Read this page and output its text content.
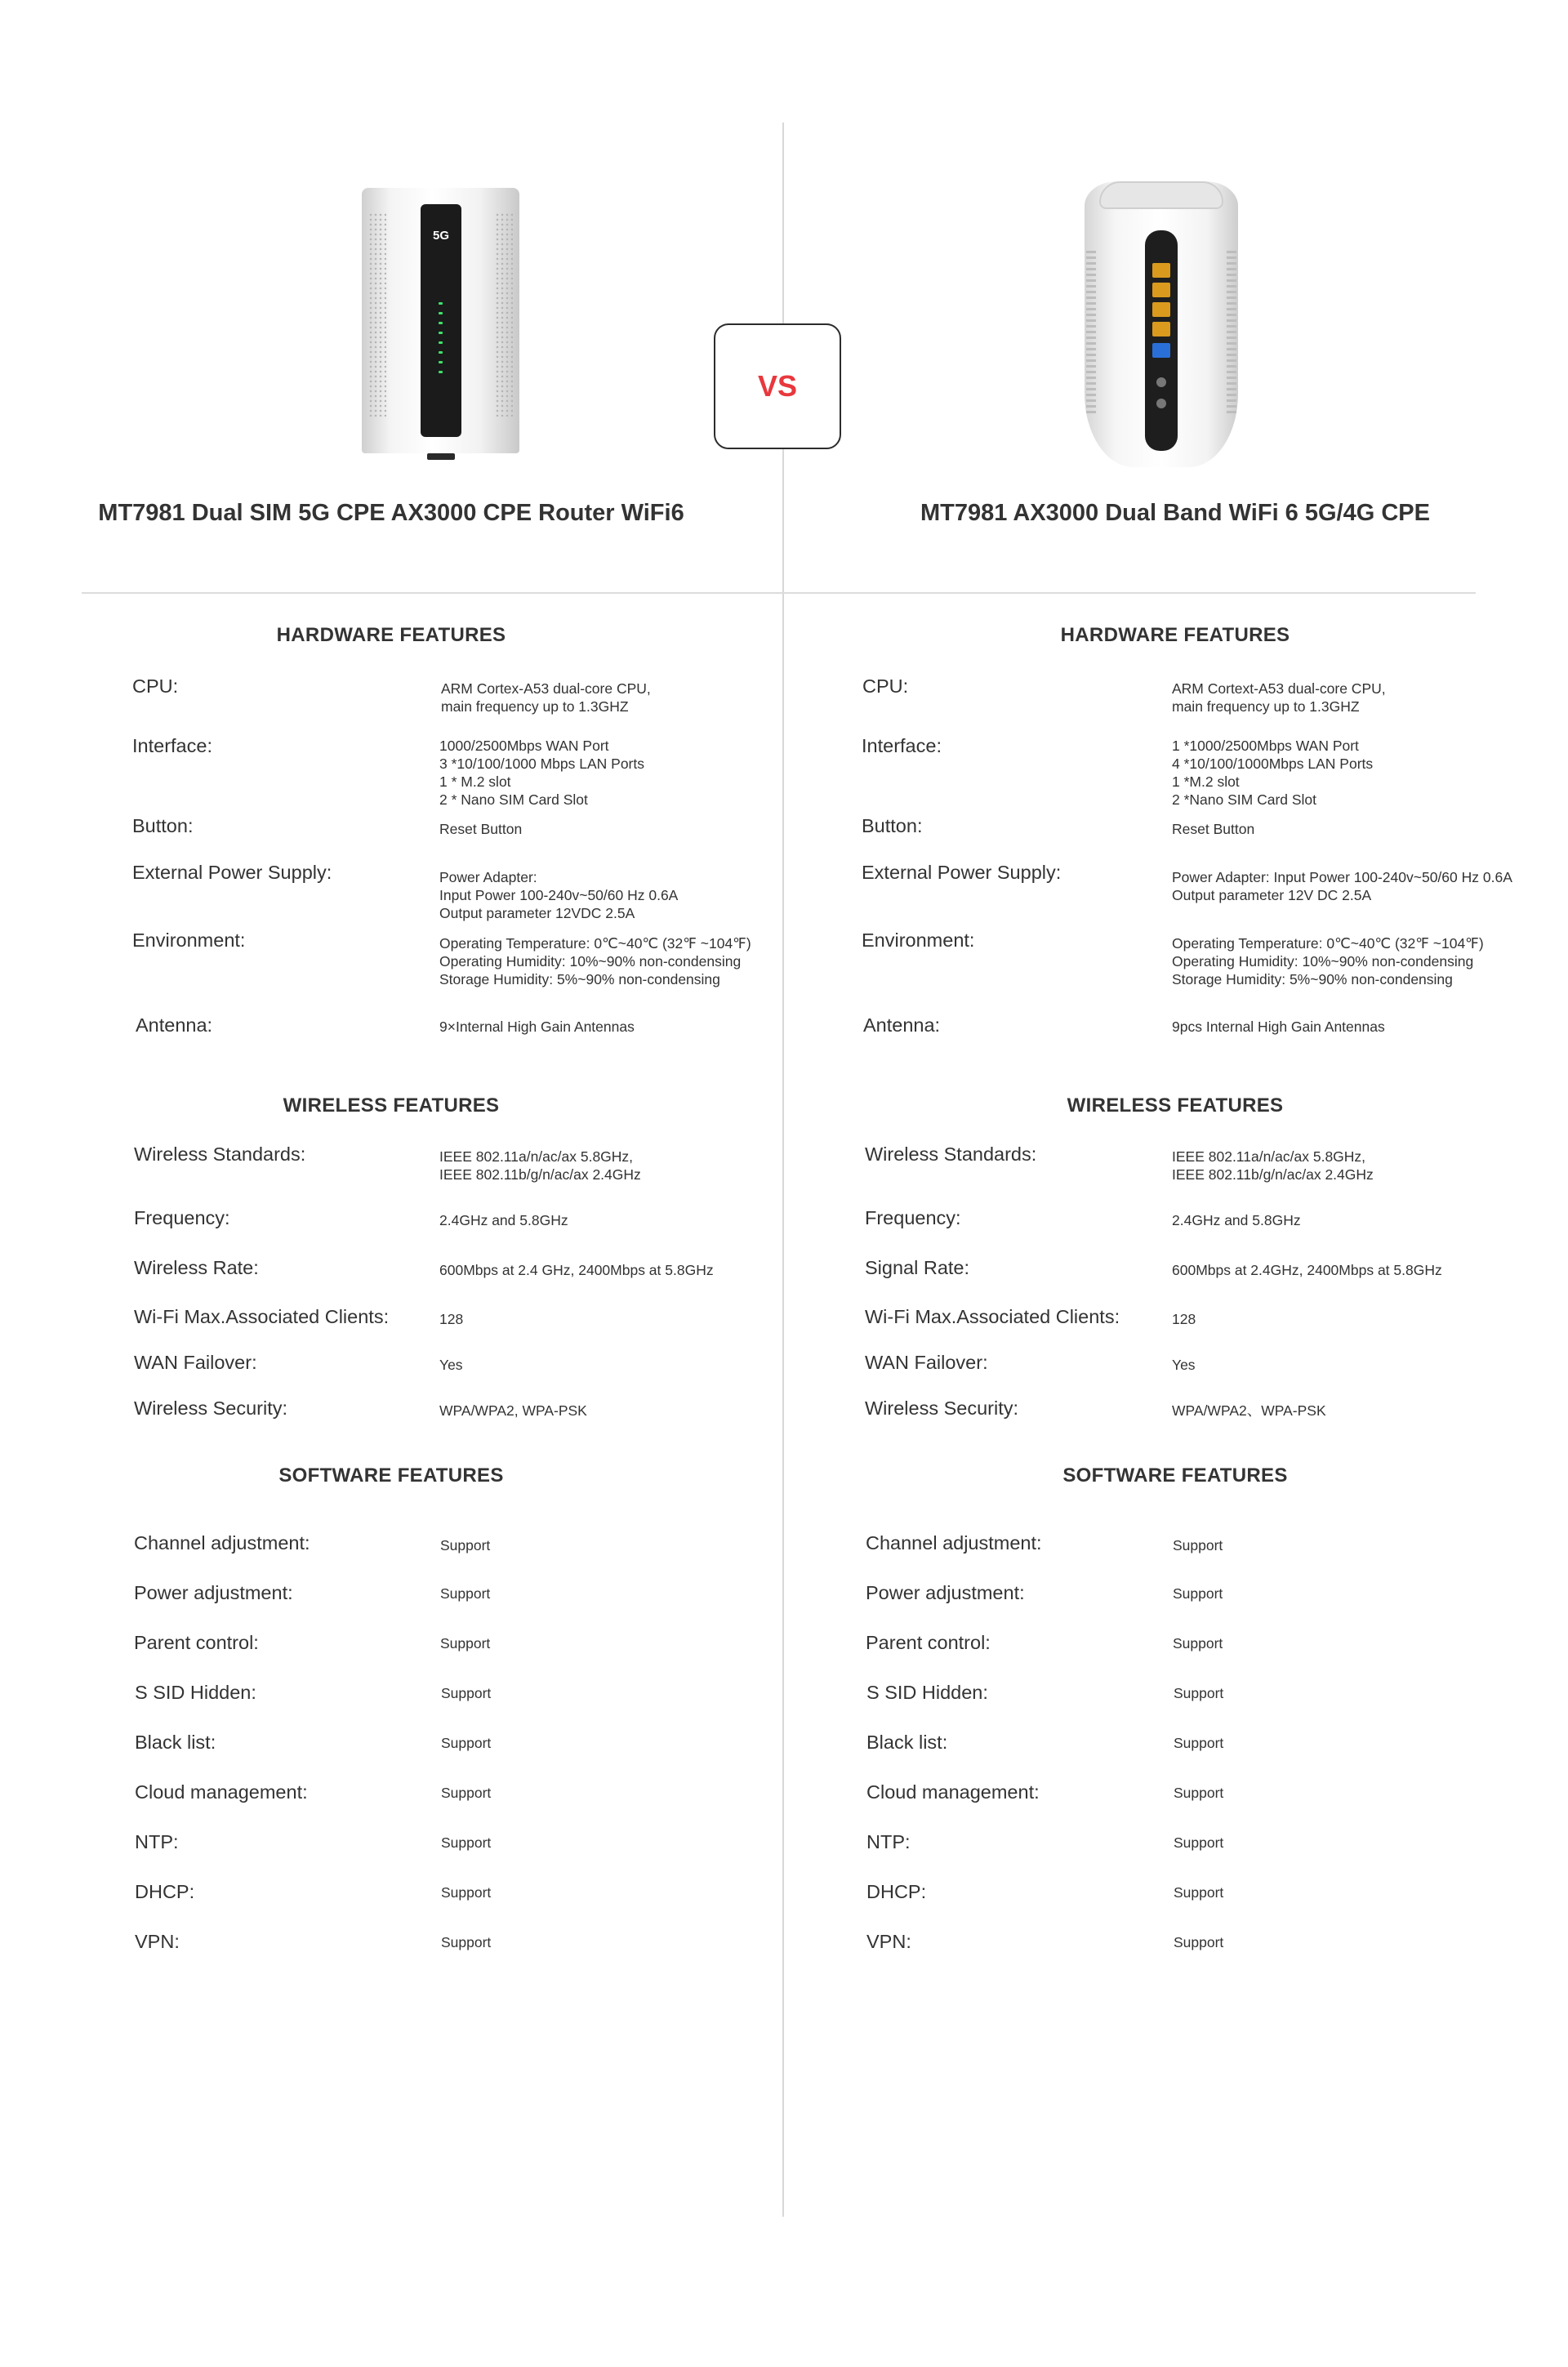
VS
5G
MT7981 Dual SIM 5G CPE AX3000 CPE Router WiFi6
HARDWARE FEATURES
CPU:	ARM Cortex-A53 dual-core CPU,
main frequency up to 1.3GHZ
Interface:	1000/2500Mbps WAN Port
3 *10/100/1000 Mbps LAN Ports
1 * M.2 slot
2 * Nano SIM Card Slot
Button:	Reset Button
External Power Supply:	Power Adapter:
Input Power 100-240v~50/60 Hz 0.6A
Output parameter 12VDC 2.5A
Environment:	Operating Temperature: 0℃~40℃ (32℉ ~104℉)
Operating Humidity: 10%~90% non-condensing
Storage Humidity: 5%~90% non-condensing
Antenna:	9×Internal High Gain Antennas
WIRELESS FEATURES
Wireless Standards:	IEEE 802.11a/n/ac/ax 5.8GHz,
IEEE 802.11b/g/n/ac/ax 2.4GHz
Frequency:	2.4GHz and 5.8GHz
Wireless Rate:	600Mbps at 2.4 GHz, 2400Mbps at 5.8GHz
Wi-Fi Max.Associated Clients:	128
WAN Failover:	Yes
Wireless Security:	WPA/WPA2, WPA-PSK
SOFTWARE FEATURES
Channel adjustment:	Support
Power adjustment:	Support
Parent control:	Support
S SID Hidden:	Support
Black list:	Support
Cloud management:	Support
NTP:	Support
DHCP:	Support
VPN:	Support
MT7981 AX3000 Dual Band WiFi 6 5G/4G CPE
HARDWARE FEATURES
CPU:	ARM Cortext-A53 dual-core CPU,
main frequency up to 1.3GHZ
Interface:	1 *1000/2500Mbps WAN Port
4 *10/100/1000Mbps LAN Ports
1 *M.2 slot
2 *Nano SIM Card Slot
Button:	Reset Button
External Power Supply:	Power Adapter: Input Power 100-240v~50/60 Hz 0.6A
Output parameter 12V DC 2.5A
Environment:	Operating Temperature: 0℃~40℃ (32℉ ~104℉)
Operating Humidity: 10%~90% non-condensing
Storage Humidity: 5%~90% non-condensing
Antenna:	9pcs Internal High Gain Antennas
WIRELESS FEATURES
Wireless Standards:	IEEE 802.11a/n/ac/ax 5.8GHz,
IEEE 802.11b/g/n/ac/ax 2.4GHz
Frequency:	2.4GHz and 5.8GHz
Signal Rate:	600Mbps at 2.4GHz, 2400Mbps at 5.8GHz
Wi-Fi Max.Associated Clients:	128
WAN Failover:	Yes
Wireless Security:	WPA/WPA2、WPA-PSK
SOFTWARE FEATURES
Channel adjustment:	Support
Power adjustment:	Support
Parent control:	Support
S SID Hidden:	Support
Black list:	Support
Cloud management:	Support
NTP:	Support
DHCP:	Support
VPN:	Support
